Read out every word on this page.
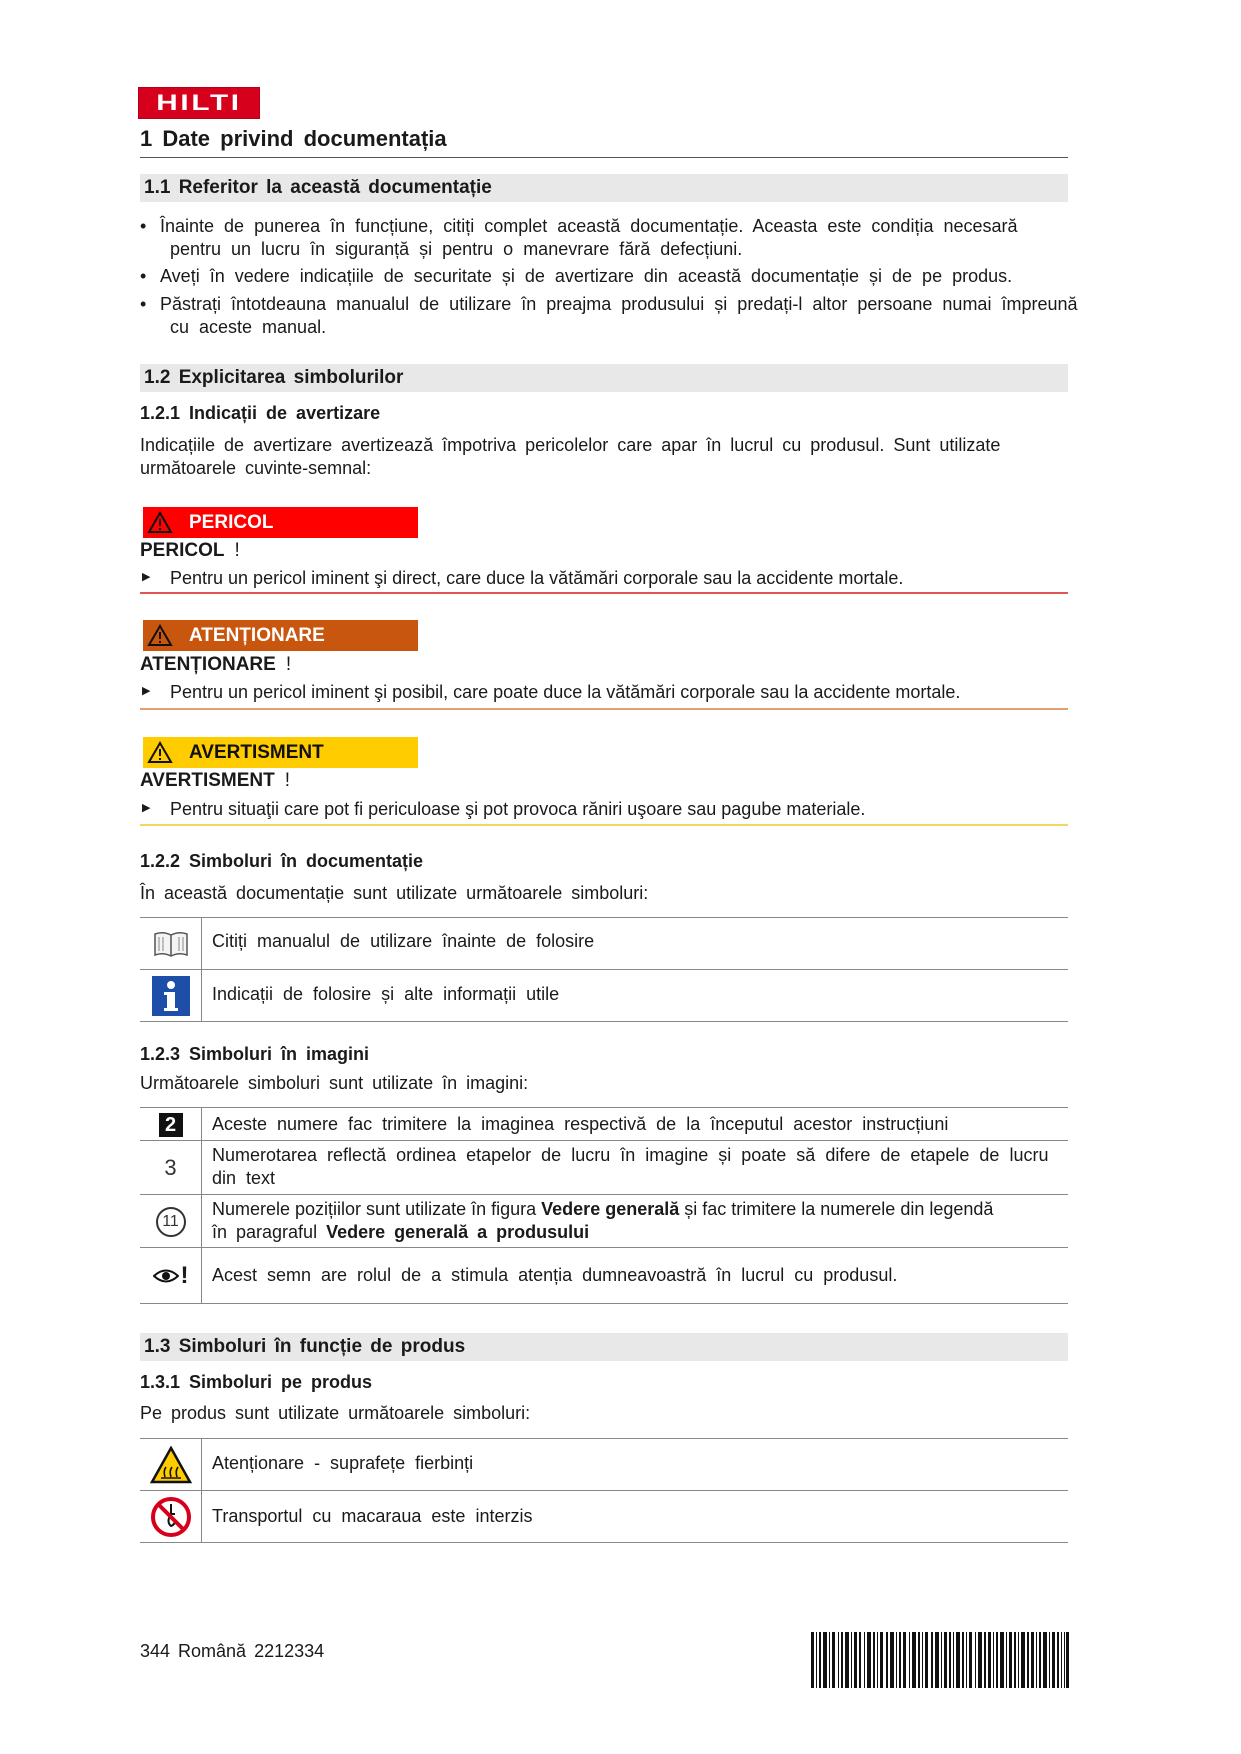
HILTI
1 Date privind documentația
1.1 Referitor la această documentație
• Înainte de punerea în funcțiune, citiți complet această documentație. Aceasta este condiția necesară
pentru un lucru în siguranță și pentru o manevrare fără defecțiuni.
• Aveți în vedere indicațiile de securitate și de avertizare din această documentație și de pe produs.
• Păstrați întotdeauna manualul de utilizare în preajma produsului și predați-l altor persoane numai împreună
cu aceste manual.
1.2 Explicitarea simbolurilor
1.2.1 Indicații de avertizare
Indicațiile de avertizare avertizează împotriva pericolelor care apar în lucrul cu produsul. Sunt utilizate
următoarele cuvinte-semnal:
PERICOL
PERICOL !
▶	Pentru un pericol iminent şi direct, care duce la vătămări corporale sau la accidente mortale.
ATENȚIONARE
ATENȚIONARE !
▶	Pentru un pericol iminent şi posibil, care poate duce la vătămări corporale sau la accidente mortale.
AVERTISMENT
AVERTISMENT !
▶	Pentru situaţii care pot fi periculoase şi pot provoca răniri uşoare sau pagube materiale.
1.2.2 Simboluri în documentație
În această documentație sunt utilizate următoarele simboluri:
Citiți manualul de utilizare înainte de folosire
Indicații de folosire și alte informații utile
1.2.3 Simboluri în imagini
Următoarele simboluri sunt utilizate în imagini:
2	Aceste numere fac trimitere la imaginea respectivă de la începutul acestor instrucțiuni
3 Numerotarea reflectă ordinea etapelor de lucru în imagine și poate să difere de etapele de lucru
din text
11
Numerele pozițiilor sunt utilizate în figura Vedere generală și fac trimitere la numerele din legendă
în paragraful Vedere generală a produsului
! Acest semn are rolul de a stimula atenția dumneavoastră în lucrul cu produsul.
1.3 Simboluri în funcție de produs
1.3.1 Simboluri pe produs
Pe produs sunt utilizate următoarele simboluri:
Atenționare - suprafețe fierbinți
Transportul cu macaraua este interzis
344 Română 2212334
